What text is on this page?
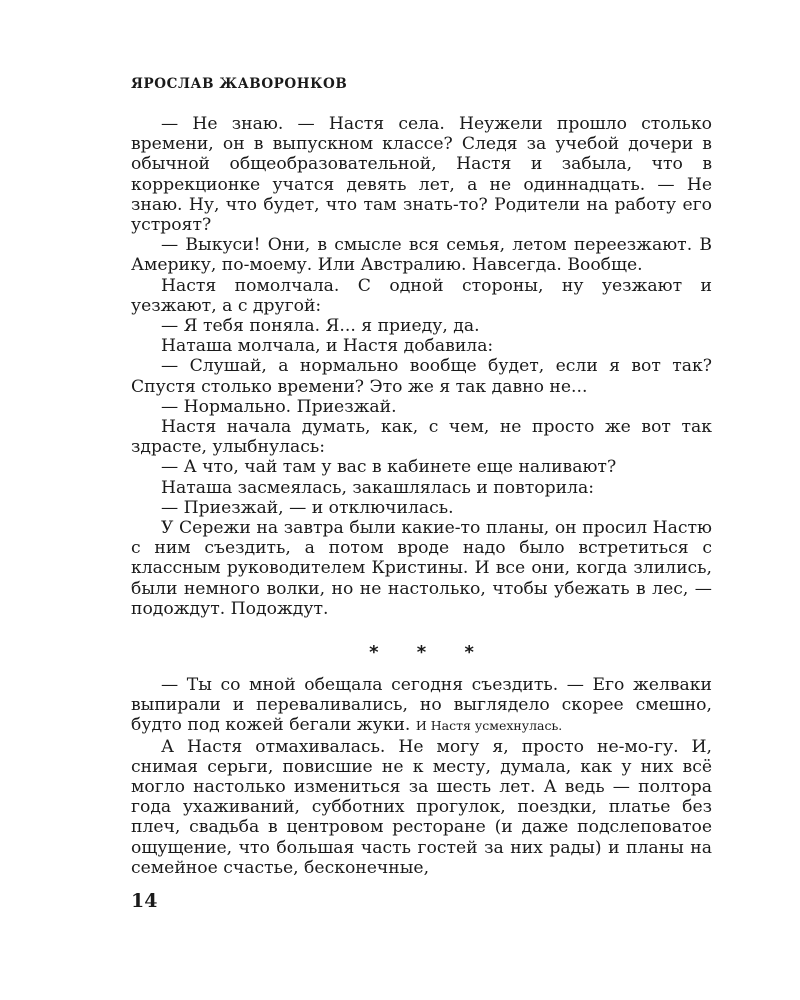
ЯРОСЛАВ ЖАВОРОНКОВ

— Не знаю. — Настя села. Неужели прошло столько времени, он в выпускном классе? Следя за учебой дочери в обычной общеобразовательной, Настя и забыла, что в коррекционке учатся девять лет, а не одиннадцать. — Не знаю. Ну, что будет, что там знать-то? Родители на работу его устроят?

— Выкуси! Они, в смысле вся семья, летом переезжают. В Америку, по-моему. Или Австралию. Навсегда. Вообще.

Настя помолчала. С одной стороны, ну уезжают и уезжают, а с другой:

— Я тебя поняла. Я... я приеду, да.

Наташа молчала, и Настя добавила:

— Слушай, а нормально вообще будет, если я вот так? Спустя столько времени? Это же я так давно не...

— Нормально. Приезжай.

Настя начала думать, как, с чем, не просто же вот так здрасте, улыбнулась:

— А что, чай там у вас в кабинете еще наливают?

Наташа засмеялась, закашлялась и повторила:

— Приезжай, — и отключилась.

У Сережи на завтра были какие-то планы, он просил Настю с ним съездить, а потом вроде надо было встретиться с классным руководителем Кристины. И все они, когда злились, были немного волки, но не настолько, чтобы убежать в лес, — подождут. Подождут.

* * *

— Ты со мной обещала сегодня съездить. — Его желваки выпирали и переваливались, но выглядело скорее смешно, будто под кожей бегали жуки. И Настя усмехнулась.

А Настя отмахивалась. Не могу я, просто не-мо-гу. И, снимая серьги, повисшие не к месту, думала, как у них всё могло настолько измениться за шесть лет. А ведь — полтора года ухаживаний, субботних прогулок, поездки, платье без плеч, свадьба в центровом ресторане (и даже подслеповатое ощущение, что большая часть гостей за них рады) и планы на семейное счастье, бесконечные,

14
